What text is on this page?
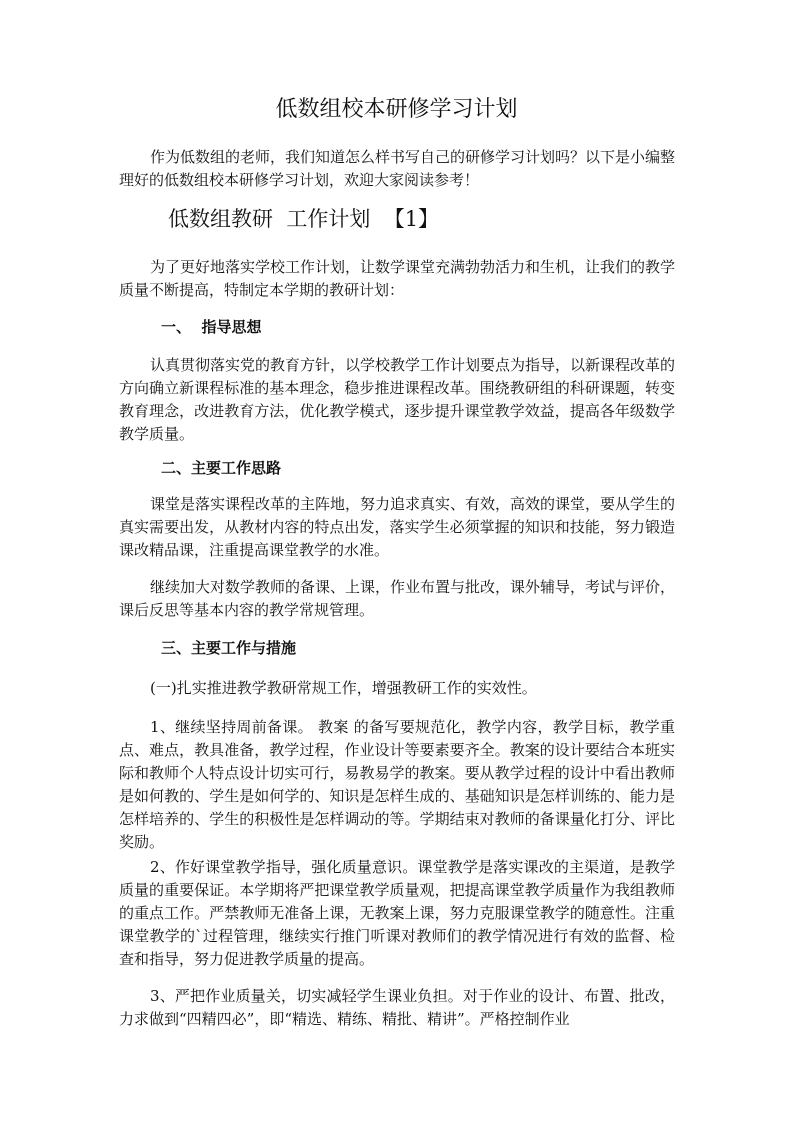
低数组校本研修学习计划

作为低数组的老师，我们知道怎么样书写自己的研修学习计划吗？以下是小编整理好的低数组校本研修学习计划，欢迎大家阅读参考！

低数组教研  工作计划  【1】

为了更好地落实学校工作计划，让数学课堂充满勃勃活力和生机，让我们的教学质量不断提高，特制定本学期的教研计划：

一、  指导思想

认真贯彻落实党的教育方针，以学校教学工作计划要点为指导，以新课程改革的方向确立新课程标准的基本理念，稳步推进课程改革。围绕教研组的科研课题，转变教育理念，改进教育方法，优化教学模式，逐步提升课堂教学效益，提高各年级数学教学质量。

二、主要工作思路

课堂是落实课程改革的主阵地，努力追求真实、有效，高效的课堂，要从学生的真实需要出发，从教材内容的特点出发，落实学生必须掌握的知识和技能，努力锻造课改精品课，注重提高课堂教学的水准。

继续加大对数学教师的备课、上课，作业布置与批改，课外辅导，考试与评价，课后反思等基本内容的教学常规管理。

三、主要工作与措施

(一)扎实推进教学教研常规工作，增强教研工作的实效性。

1、继续坚持周前备课。 教案 的备写要规范化，教学内容，教学目标，教学重点、难点，教具准备，教学过程，作业设计等要素要齐全。教案的设计要结合本班实际和教师个人特点设计切实可行，易教易学的教案。要从教学过程的设计中看出教师是如何教的、学生是如何学的、知识是怎样生成的、基础知识是怎样训练的、能力是怎样培养的、学生的积极性是怎样调动的等。学期结束对教师的备课量化打分、评比奖励。

2、作好课堂教学指导，强化质量意识。课堂教学是落实课改的主渠道，是教学质量的重要保证。本学期将严把课堂教学质量观，把提高课堂教学质量作为我组教师的重点工作。严禁教师无准备上课，无教案上课，努力克服课堂教学的随意性。注重课堂教学的`过程管理，继续实行推门听课对教师们的教学情况进行有效的监督、检查和指导，努力促进教学质量的提高。

3、严把作业质量关，切实减轻学生课业负担。对于作业的设计、布置、批改，力求做到“四精四必”，即“精选、精练、精批、精讲”。严格控制作业
